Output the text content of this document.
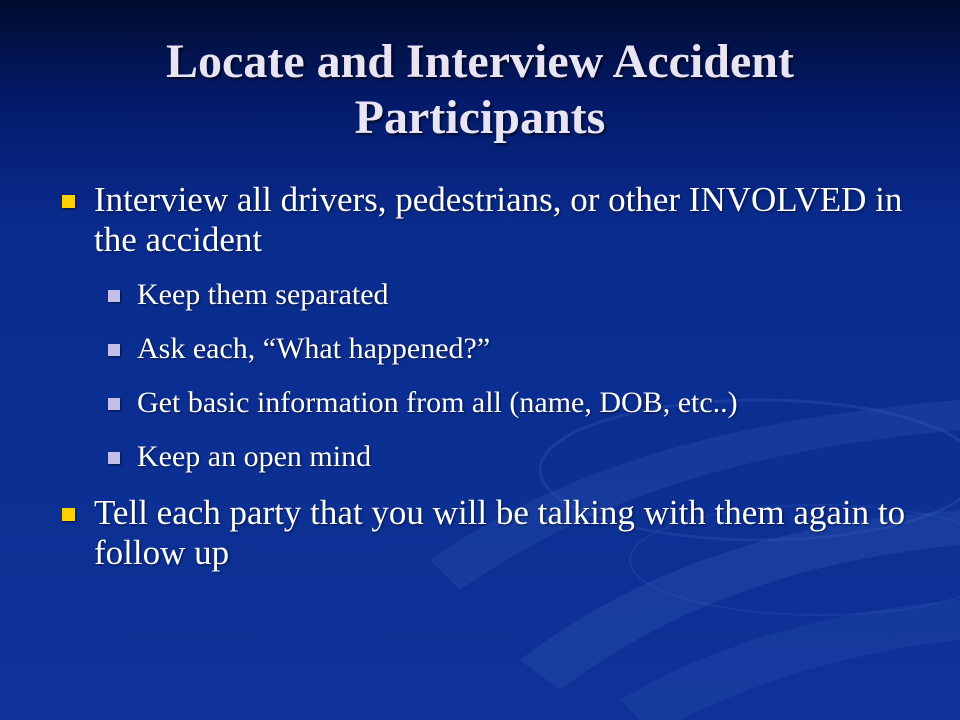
Locate and Interview Accident Participants
Interview all drivers, pedestrians, or other INVOLVED in the accident
Keep them separated
Ask each, “What happened?”
Get basic information from all (name, DOB, etc..)
Keep an open mind
Tell each party that you will be talking with them again to follow up
